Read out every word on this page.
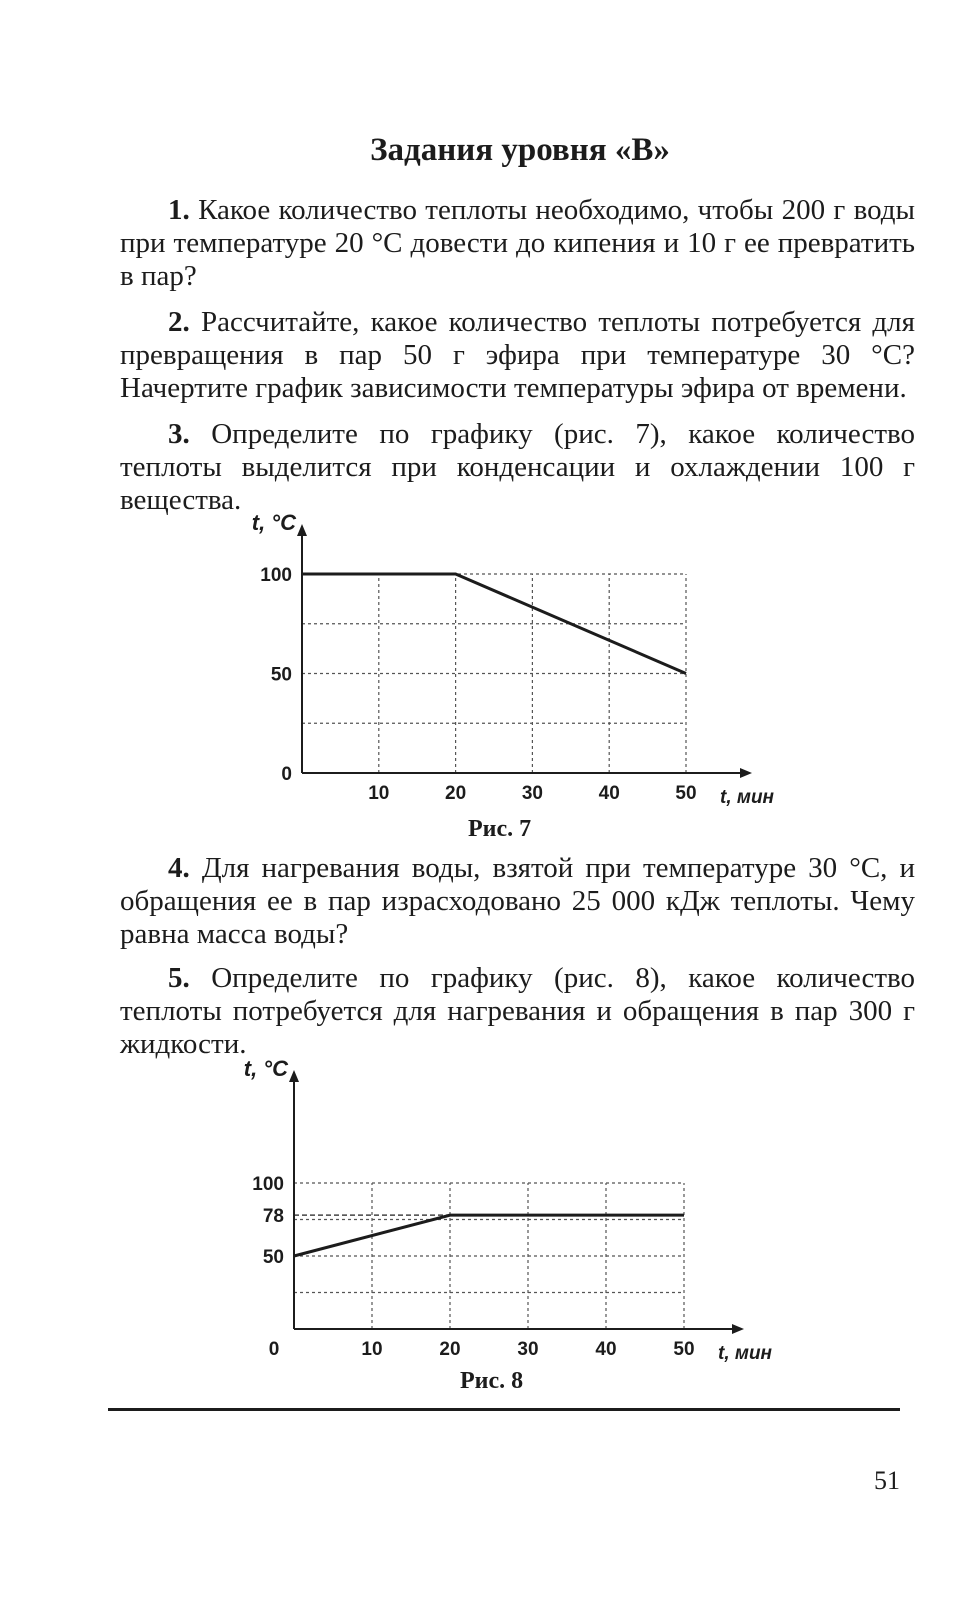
Задания уровня «В»

1. Какое количество теплоты необходимо, чтобы 200 г воды при температуре 20 °С довести до кипения и 10 г ее превратить в пар?

2. Рассчитайте, какое количество теплоты потребуется для превращения в пар 50 г эфира при температуре 30 °С? Начертите график зависимости температуры эфира от времени.

3. Определите по графику (рис. 7), какое количество теплоты выделится при конденсации и охлаждении 100 г вещества.

10	20	30	40	50
0
50
100
t, °C
t, мин
Рис. 7

4. Для нагревания воды, взятой при температуре 30 °С, и обращения ее в пар израсходовано 25 000 кДж теплоты. Чему равна масса воды?

5. Определите по графику (рис. 8), какое количество теплоты потребуется для нагревания и обращения в пар 300 г жидкости.

0	10	20	30	40	50
50
78
100
t, °C
t, мин
Рис. 8
51
